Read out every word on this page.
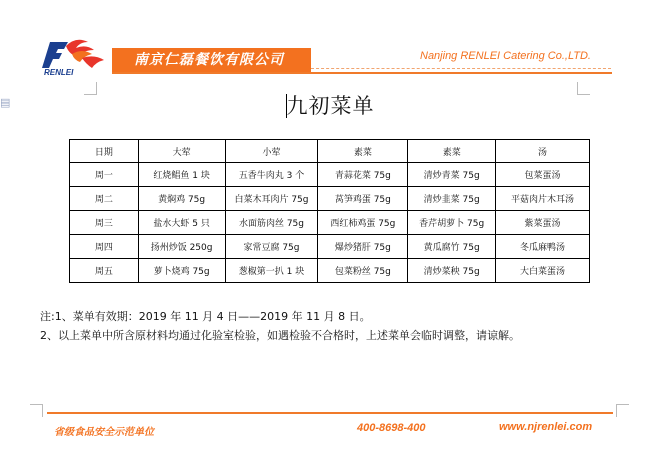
▤
RENLEI
南京仁磊餐饮有限公司	Nanjing RENLEI Catering Co.,LTD.
九初菜单
日期	大荤	小荤	素菜	素菜	汤
周一	红烧鲳鱼 1 块	五香牛肉丸 3 个	青蒜花菜 75g	清炒青菜 75g	包菜蛋汤
周二	黄焖鸡 75g	白菜木耳肉片 75g	莴笋鸡蛋 75g	清炒韭菜 75g	平菇肉片木耳汤
周三	盐水大虾 5 只	水面筋肉丝 75g	西红柿鸡蛋 75g	香芹胡萝卜 75g	紫菜蛋汤
周四	扬州炒饭 250g	家常豆腐 75g	爆炒猪肝 75g	黄瓜腐竹 75g	冬瓜麻鸭汤
周五	萝卜烧鸡 75g	葱椒第一扒 1 块	包菜粉丝 75g	清炒菜秧 75g	大白菜蛋汤
注:1、菜单有效期：2019 年 11 月 4 日——2019 年 11 月 8 日。
2、以上菜单中所含原材料均通过化验室检验，如遇检验不合格时，上述菜单会临时调整，请谅解。
省级食品安全示范单位	400-8698-400	www.njrenlei.com
